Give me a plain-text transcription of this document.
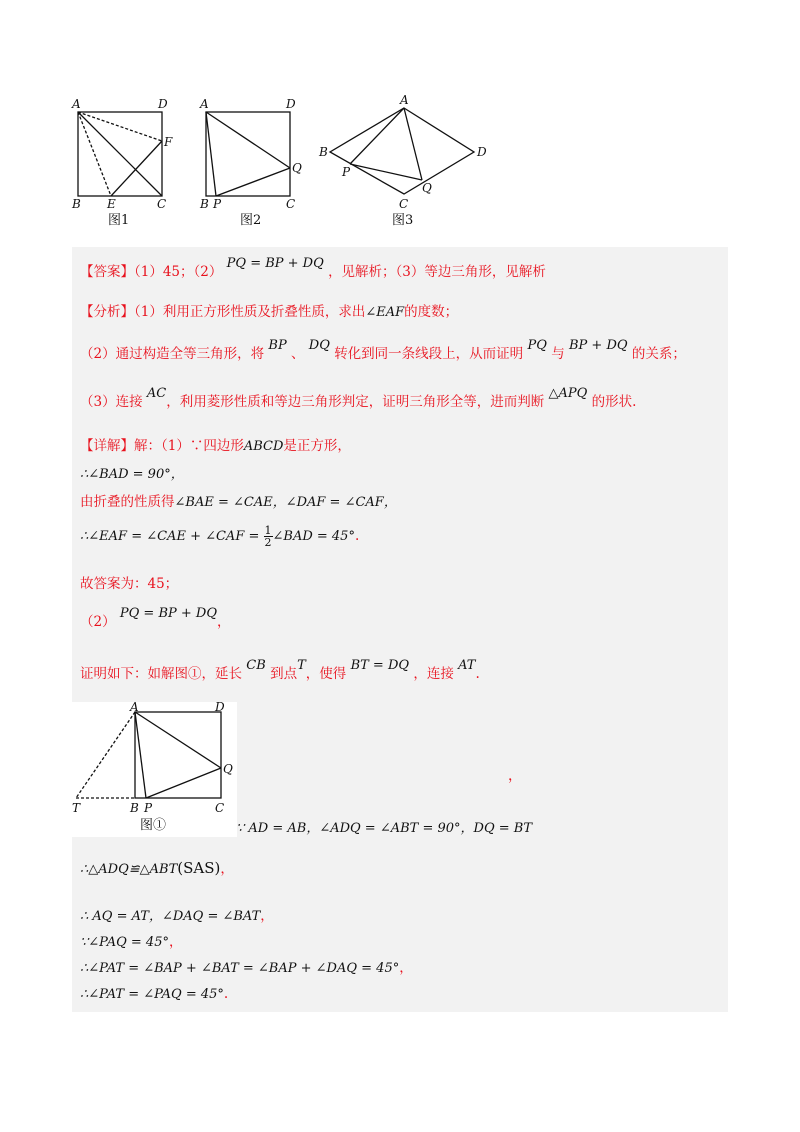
A	D
F
B E	C
A	D
Q
B P	C
A
B	D
P
Q
C
图1	图2	图3
【答案】（1）45；（2） PQ = BP + DQ ，见解析；（3）等边三角形，见解析
【分析】（1）利用正方形性质及折叠性质，求出∠EAF的度数；
（2）通过构造全等三角形，将 BP 、 DQ 转化到同一条线段上，从而证明 PQ 与 BP + DQ 的关系；
（3）连接 AC，利用菱形性质和等边三角形判定，证明三角形全等，进而判断 △APQ 的形状.
【详解】解：（1）∵四边形ABCD是正方形，
∴∠BAD = 90°，
由折叠的性质得∠BAE = ∠CAE，∠DAF = ∠CAF，
∴∠EAF = ∠CAE + ∠CAF = $\frac{1}{2}$ ∠BAD = 45°.
故答案为：45；
（2） PQ = BP + DQ，
证明如下：如解图①，延长 CB 到点T，使得 BT = DQ ，连接 AT.
A	D
Q
T	B P	C
图①
，
∵ AD = AB，∠ADQ = ∠ABT = 90°，DQ = BT
∴△ADQ≌△ABT(SAS)，
∴ AQ = AT，∠DAQ = ∠BAT，
∵∠PAQ = 45°，
∴∠PAT = ∠BAP + ∠BAT = ∠BAP + ∠DAQ = 45°，
∴∠PAT = ∠PAQ = 45°.
